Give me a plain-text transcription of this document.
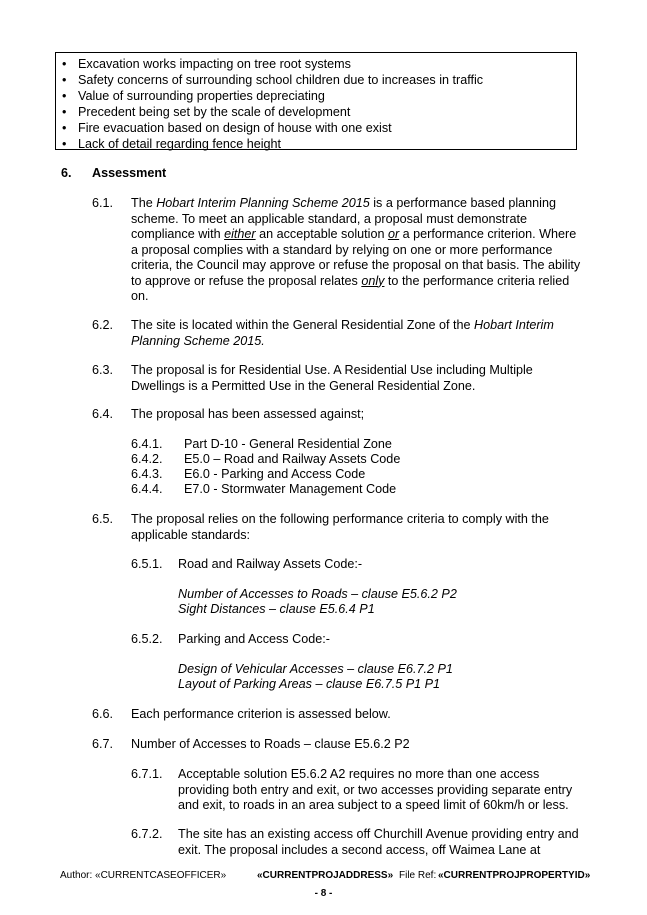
• Excavation works impacting on tree root systems
• Safety concerns of surrounding school children due to increases in traffic
• Value of surrounding properties depreciating
• Precedent being set by the scale of development
• Fire evacuation based on design of house with one exist
• Lack of detail regarding fence height
6. Assessment
6.1. The Hobart Interim Planning Scheme 2015 is a performance based planning scheme. To meet an applicable standard, a proposal must demonstrate compliance with either an acceptable solution or a performance criterion. Where a proposal complies with a standard by relying on one or more performance criteria, the Council may approve or refuse the proposal on that basis. The ability to approve or refuse the proposal relates only to the performance criteria relied on.
6.2. The site is located within the General Residential Zone of the Hobart Interim Planning Scheme 2015.
6.3. The proposal is for Residential Use. A Residential Use including Multiple Dwellings is a Permitted Use in the General Residential Zone.
6.4. The proposal has been assessed against;
6.4.1. Part D-10 - General Residential Zone
6.4.2. E5.0 – Road and Railway Assets Code
6.4.3. E6.0 - Parking and Access Code
6.4.4. E7.0 - Stormwater Management Code
6.5. The proposal relies on the following performance criteria to comply with the applicable standards:
6.5.1. Road and Railway Assets Code:-
Number of Accesses to Roads – clause E5.6.2 P2
Sight Distances – clause E5.6.4 P1
6.5.2. Parking and Access Code:-
Design of Vehicular Accesses – clause E6.7.2 P1
Layout of Parking Areas – clause E6.7.5 P1 P1
6.6. Each performance criterion is assessed below.
6.7. Number of Accesses to Roads – clause E5.6.2 P2
6.7.1. Acceptable solution E5.6.2 A2 requires no more than one access providing both entry and exit, or two accesses providing separate entry and exit, to roads in an area subject to a speed limit of 60km/h or less.
6.7.2. The site has an existing access off Churchill Avenue providing entry and exit. The proposal includes a second access, off Waimea Lane at
Author: «CURRENTCASEOFFICER»	«CURRENTPROJADDRESS» File Ref: «CURRENTPROJPROPERTYID»
- 8 -
